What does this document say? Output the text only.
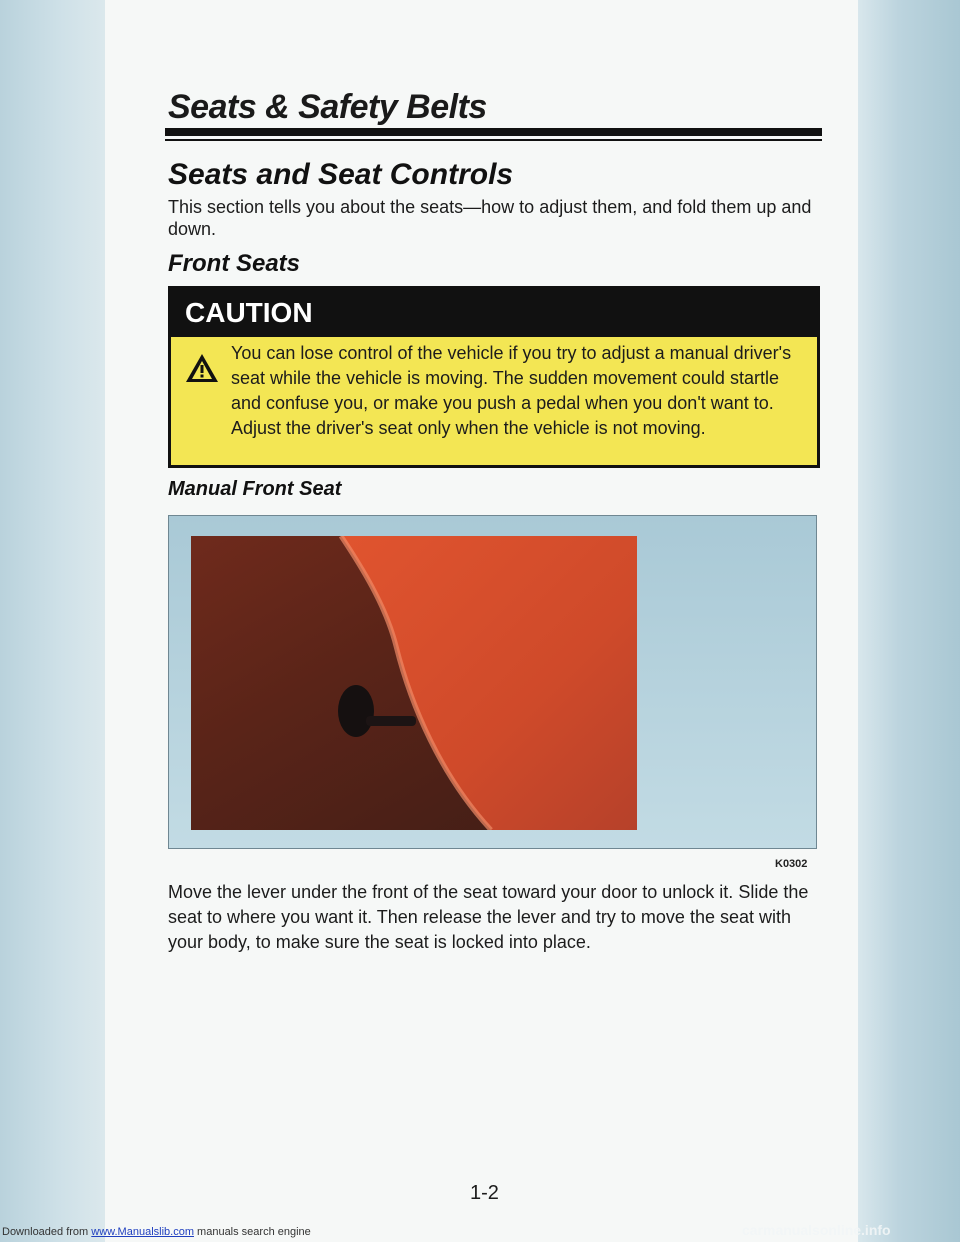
Seats & Safety Belts
Seats and Seat Controls

This section tells you about the seats—how to adjust them, and fold them up and down.

Front Seats
CAUTION

You can lose control of the vehicle if you try to adjust a manual driver's seat while the vehicle is moving. The sudden movement could startle and confuse you, or make you push a pedal when you don't want to. Adjust the driver's seat only when the vehicle is not moving.

Manual Front Seat

K0302

Move the lever under the front of the seat toward your door to unlock it. Slide the seat to where you want it. Then release the lever and try to move the seat with your body, to make sure the seat is locked into place.

1-2

Downloaded from www.Manualslib.com manuals search engine	carmanualsonline.info
